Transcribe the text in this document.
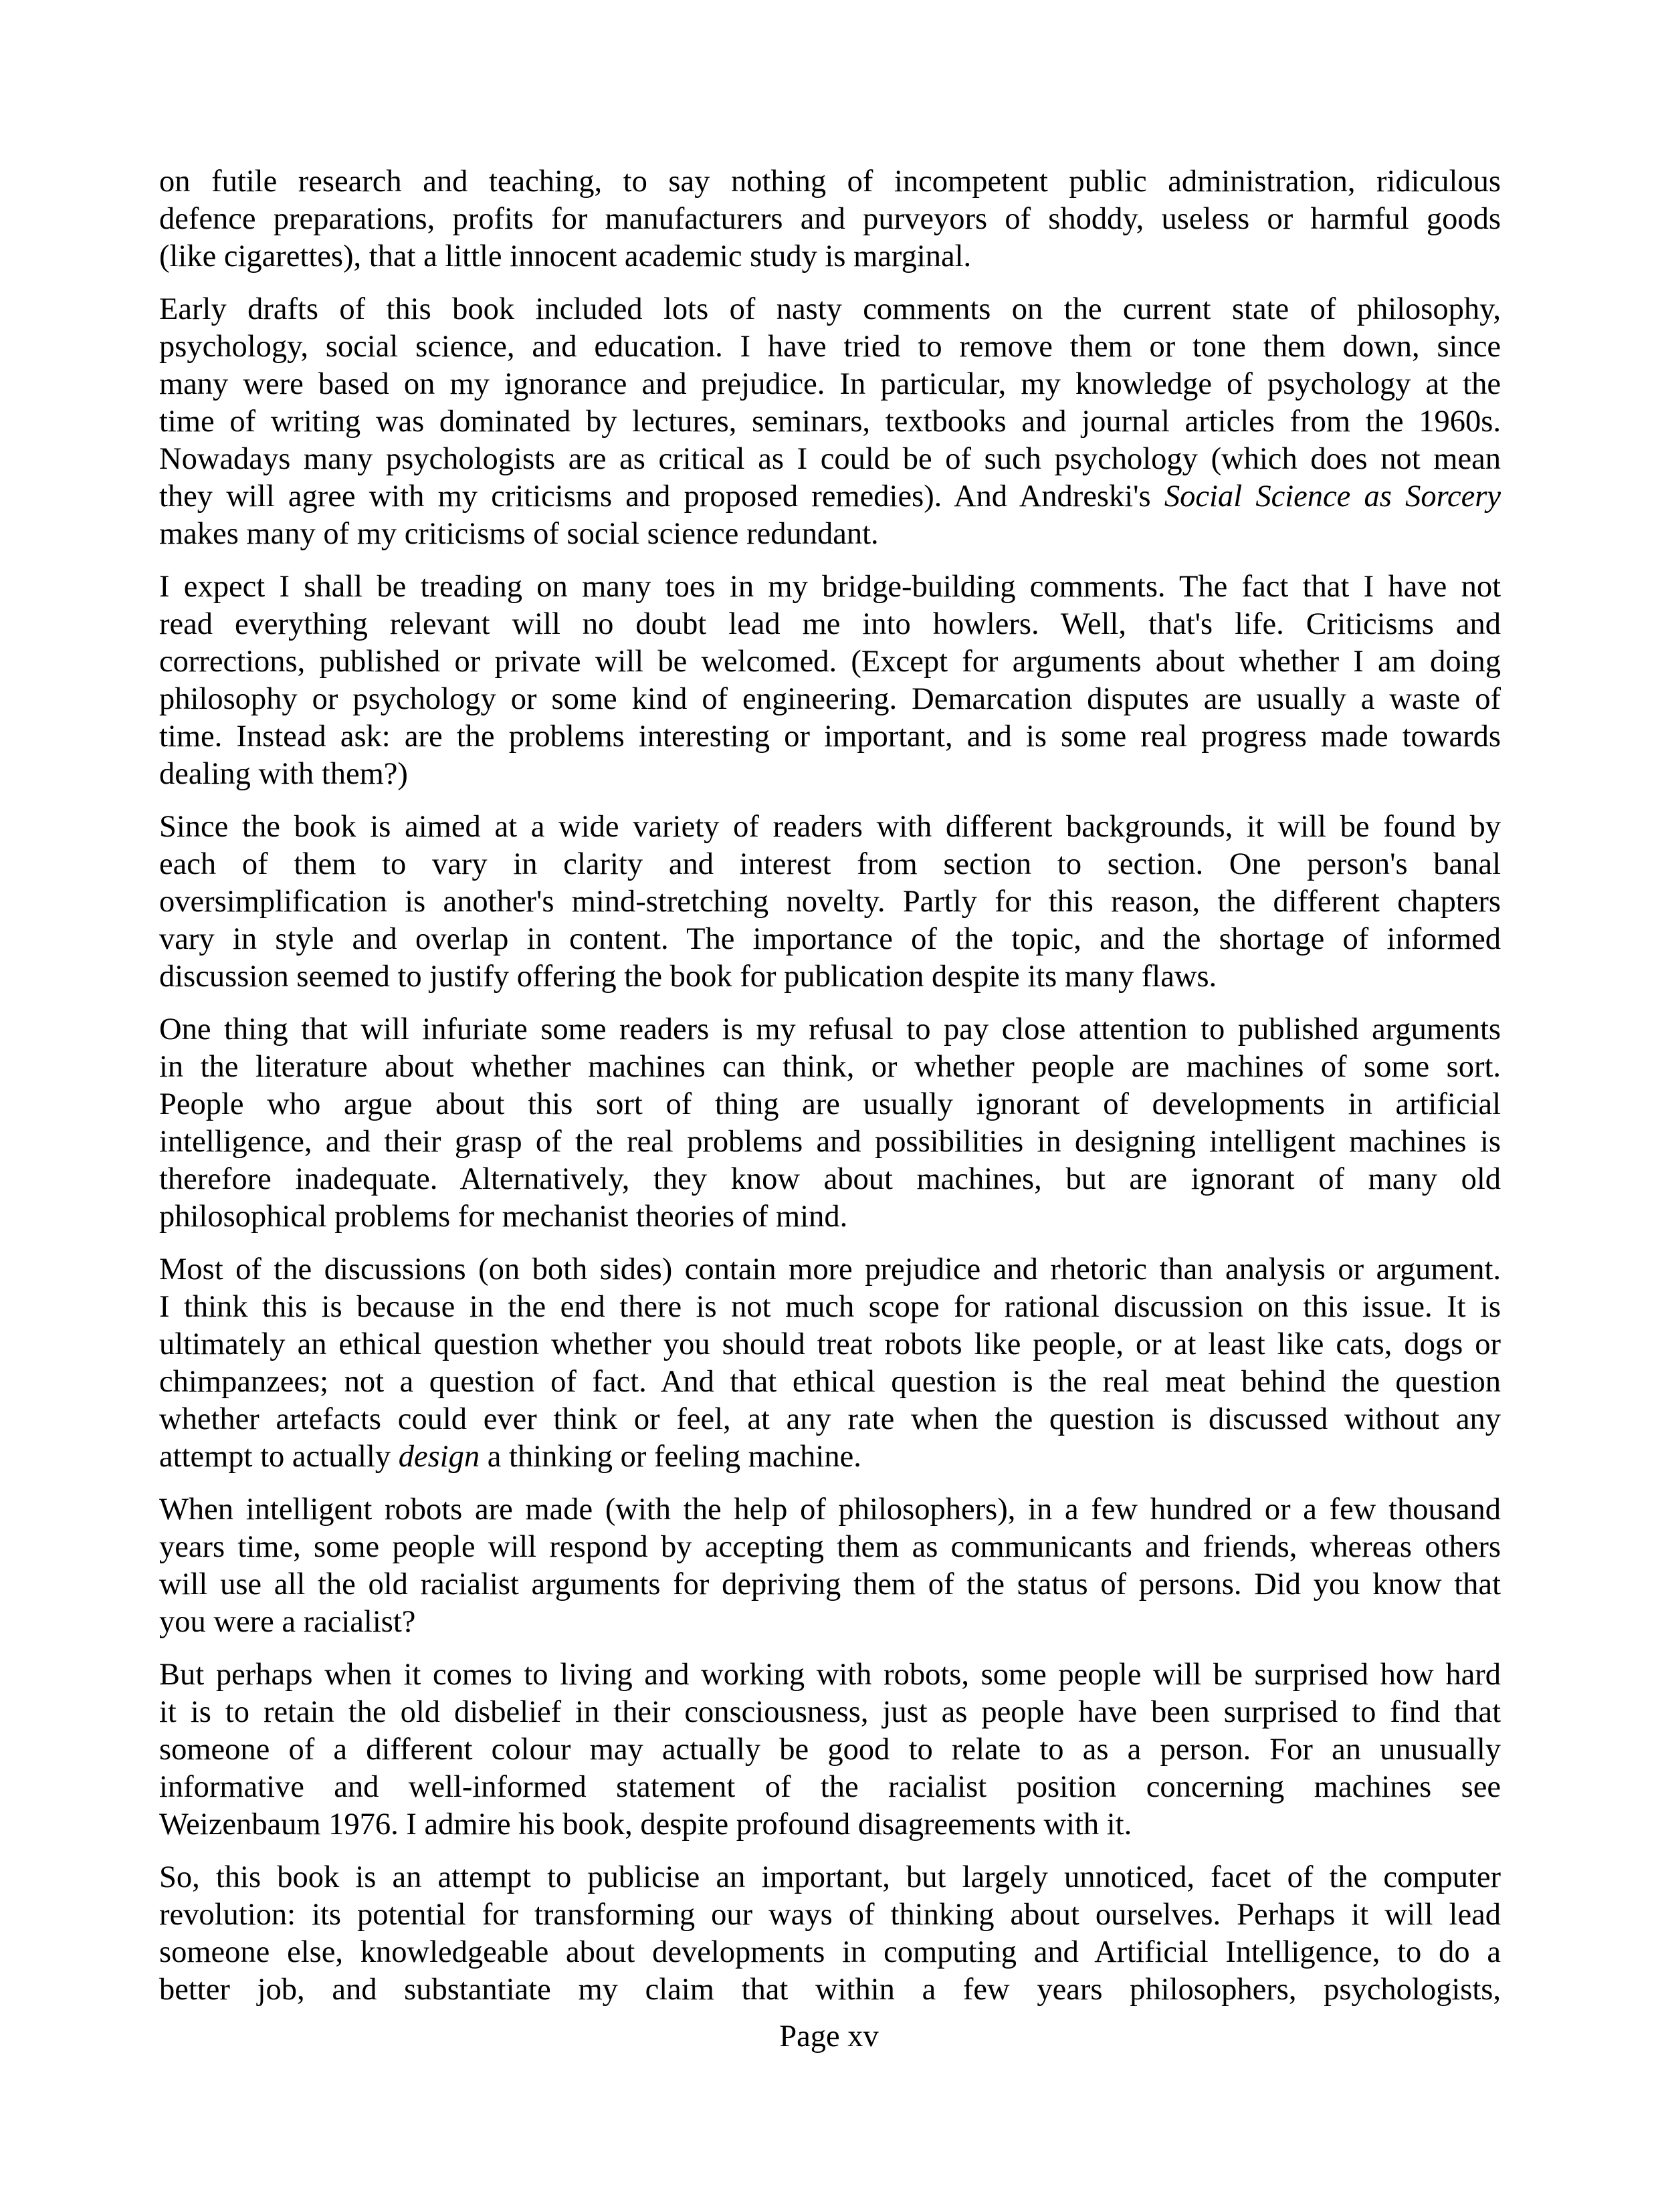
on futile research and teaching, to say nothing of incompetent public administration, ridiculous
defence preparations, profits for manufacturers and purveyors of shoddy, useless or harmful goods
(like cigarettes), that a little innocent academic study is marginal.
Early drafts of this book included lots of nasty comments on the current state of philosophy,
psychology, social science, and education. I have tried to remove them or tone them down, since
many were based on my ignorance and prejudice. In particular, my knowledge of psychology at the
time of writing was dominated by lectures, seminars, textbooks and journal articles from the 1960s.
Nowadays many psychologists are as critical as I could be of such psychology (which does not mean
they will agree with my criticisms and proposed remedies). And Andreski's Social Science as Sorcery
makes many of my criticisms of social science redundant.
I expect I shall be treading on many toes in my bridge-building comments. The fact that I have not
read everything relevant will no doubt lead me into howlers. Well, that's life. Criticisms and
corrections, published or private will be welcomed. (Except for arguments about whether I am doing
philosophy or psychology or some kind of engineering. Demarcation disputes are usually a waste of
time. Instead ask: are the problems interesting or important, and is some real progress made towards
dealing with them?)
Since the book is aimed at a wide variety of readers with different backgrounds, it will be found by
each of them to vary in clarity and interest from section to section. One person's banal
oversimplification is another's mind-stretching novelty. Partly for this reason, the different chapters
vary in style and overlap in content. The importance of the topic, and the shortage of informed
discussion seemed to justify offering the book for publication despite its many flaws.
One thing that will infuriate some readers is my refusal to pay close attention to published arguments
in the literature about whether machines can think, or whether people are machines of some sort.
People who argue about this sort of thing are usually ignorant of developments in artificial
intelligence, and their grasp of the real problems and possibilities in designing intelligent machines is
therefore inadequate. Alternatively, they know about machines, but are ignorant of many old
philosophical problems for mechanist theories of mind.
Most of the discussions (on both sides) contain more prejudice and rhetoric than analysis or argument.
I think this is because in the end there is not much scope for rational discussion on this issue. It is
ultimately an ethical question whether you should treat robots like people, or at least like cats, dogs or
chimpanzees; not a question of fact. And that ethical question is the real meat behind the question
whether artefacts could ever think or feel, at any rate when the question is discussed without any
attempt to actually design a thinking or feeling machine.
When intelligent robots are made (with the help of philosophers), in a few hundred or a few thousand
years time, some people will respond by accepting them as communicants and friends, whereas others
will use all the old racialist arguments for depriving them of the status of persons. Did you know that
you were a racialist?
But perhaps when it comes to living and working with robots, some people will be surprised how hard
it is to retain the old disbelief in their consciousness, just as people have been surprised to find that
someone of a different colour may actually be good to relate to as a person. For an unusually
informative and well-informed statement of the racialist position concerning machines see
Weizenbaum 1976. I admire his book, despite profound disagreements with it.
So, this book is an attempt to publicise an important, but largely unnoticed, facet of the computer
revolution: its potential for transforming our ways of thinking about ourselves. Perhaps it will lead
someone else, knowledgeable about developments in computing and Artificial Intelligence, to do a
better job, and substantiate my claim that within a few years philosophers, psychologists,
Page xv
